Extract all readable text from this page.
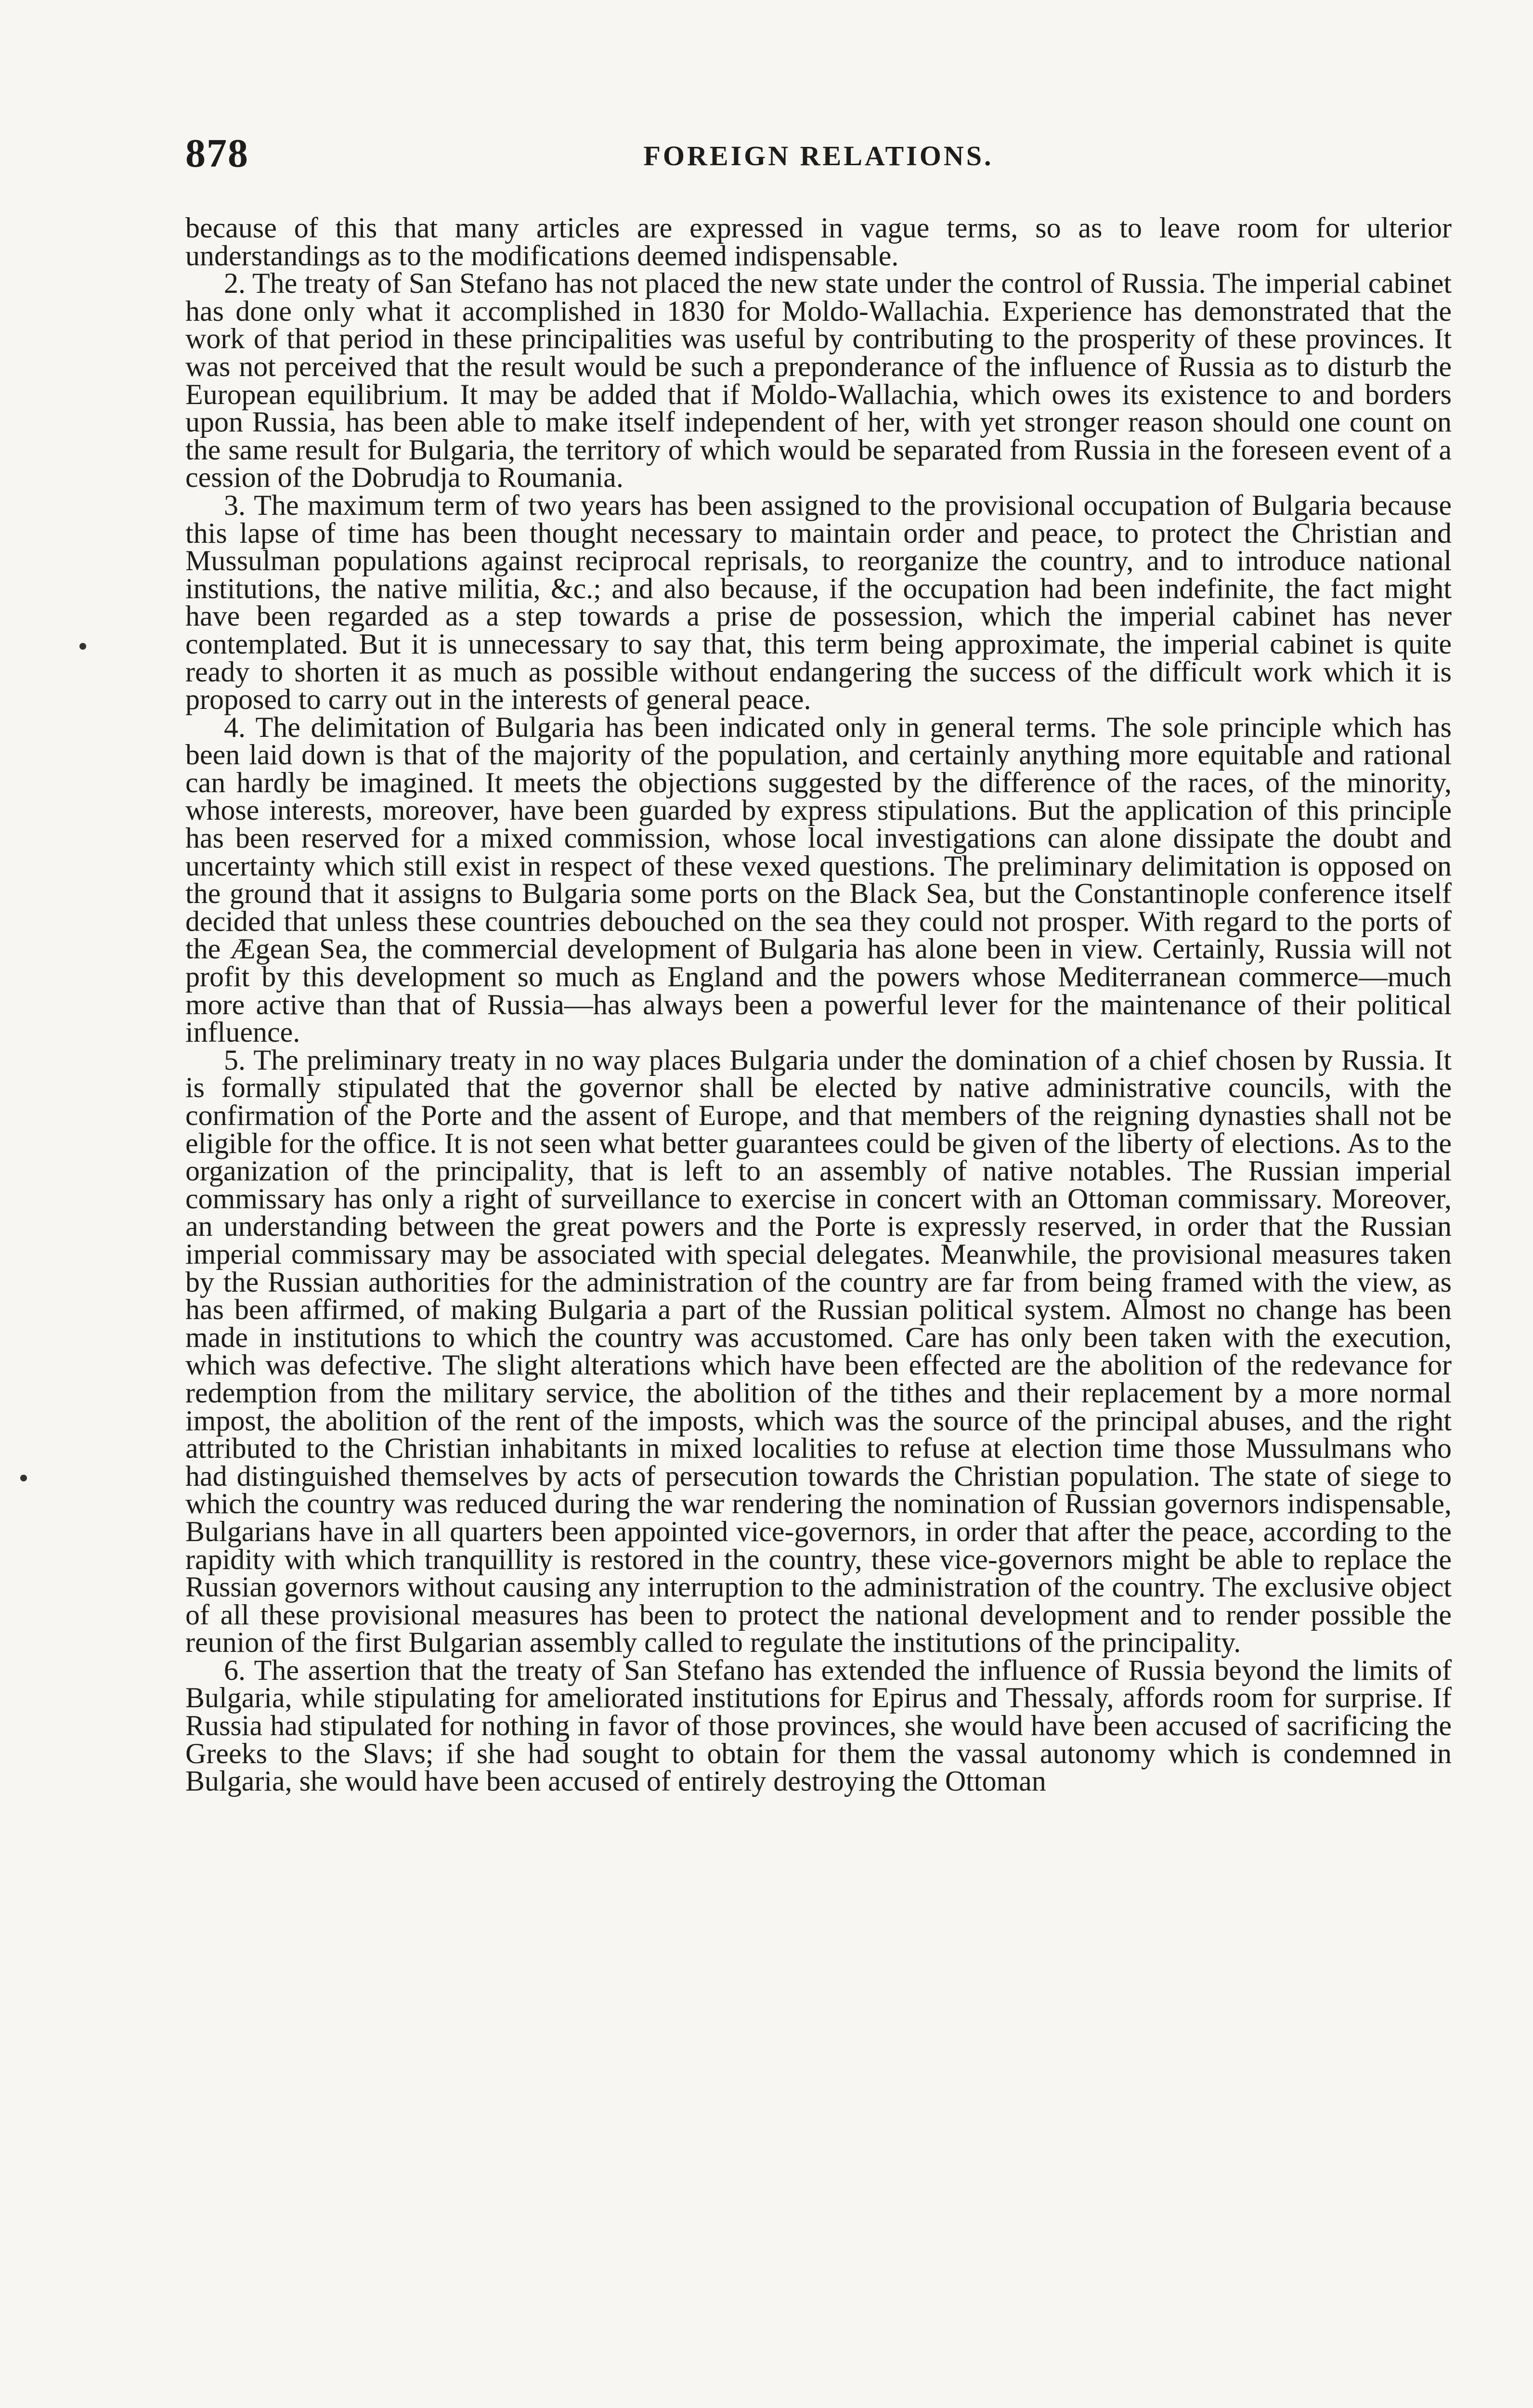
878	FOREIGN RELATIONS.

because of this that many articles are expressed in vague terms, so as to leave room for ulterior understandings as to the modifications deemed indispensable.

2. The treaty of San Stefano has not placed the new state under the control of Russia. The imperial cabinet has done only what it accomplished in 1830 for Moldo-Wallachia. Experience has demonstrated that the work of that period in these principalities was useful by contributing to the prosperity of these provinces. It was not perceived that the result would be such a preponderance of the influence of Russia as to disturb the European equilibrium. It may be added that if Moldo-Wallachia, which owes its existence to and borders upon Russia, has been able to make itself independent of her, with yet stronger reason should one count on the same result for Bulgaria, the territory of which would be separated from Russia in the foreseen event of a cession of the Dobrudja to Roumania.

3. The maximum term of two years has been assigned to the provisional occupation of Bulgaria because this lapse of time has been thought necessary to maintain order and peace, to protect the Christian and Mussulman populations against reciprocal reprisals, to reorganize the country, and to introduce national institutions, the native militia, &c.; and also because, if the occupation had been indefinite, the fact might have been regarded as a step towards a prise de possession, which the imperial cabinet has never contemplated. But it is unnecessary to say that, this term being approximate, the imperial cabinet is quite ready to shorten it as much as possible without endangering the success of the difficult work which it is proposed to carry out in the interests of general peace.

4. The delimitation of Bulgaria has been indicated only in general terms. The sole principle which has been laid down is that of the majority of the population, and certainly anything more equitable and rational can hardly be imagined. It meets the objections suggested by the difference of the races, of the minority, whose interests, moreover, have been guarded by express stipulations. But the application of this principle has been reserved for a mixed commission, whose local investigations can alone dissipate the doubt and uncertainty which still exist in respect of these vexed questions. The preliminary delimitation is opposed on the ground that it assigns to Bulgaria some ports on the Black Sea, but the Constantinople conference itself decided that unless these countries debouched on the sea they could not prosper. With regard to the ports of the Ægean Sea, the commercial development of Bulgaria has alone been in view. Certainly, Russia will not profit by this development so much as England and the powers whose Mediterranean commerce—much more active than that of Russia—has always been a powerful lever for the maintenance of their political influence.

5. The preliminary treaty in no way places Bulgaria under the domination of a chief chosen by Russia. It is formally stipulated that the governor shall be elected by native administrative councils, with the confirmation of the Porte and the assent of Europe, and that members of the reigning dynasties shall not be eligible for the office. It is not seen what better guarantees could be given of the liberty of elections. As to the organization of the principality, that is left to an assembly of native notables. The Russian imperial commissary has only a right of surveillance to exercise in concert with an Ottoman commissary. Moreover, an understanding between the great powers and the Porte is expressly reserved, in order that the Russian imperial commissary may be associated with special delegates. Meanwhile, the provisional measures taken by the Russian authorities for the administration of the country are far from being framed with the view, as has been affirmed, of making Bulgaria a part of the Russian political system. Almost no change has been made in institutions to which the country was accustomed. Care has only been taken with the execution, which was defective. The slight alterations which have been effected are the abolition of the redevance for redemption from the military service, the abolition of the tithes and their replacement by a more normal impost, the abolition of the rent of the imposts, which was the source of the principal abuses, and the right attributed to the Christian inhabitants in mixed localities to refuse at election time those Mussulmans who had distinguished themselves by acts of persecution towards the Christian population. The state of siege to which the country was reduced during the war rendering the nomination of Russian governors indispensable, Bulgarians have in all quarters been appointed vice-governors, in order that after the peace, according to the rapidity with which tranquillity is restored in the country, these vice-governors might be able to replace the Russian governors without causing any interruption to the administration of the country. The exclusive object of all these provisional measures has been to protect the national development and to render possible the reunion of the first Bulgarian assembly called to regulate the institutions of the principality.

6. The assertion that the treaty of San Stefano has extended the influence of Russia beyond the limits of Bulgaria, while stipulating for ameliorated institutions for Epirus and Thessaly, affords room for surprise. If Russia had stipulated for nothing in favor of those provinces, she would have been accused of sacrificing the Greeks to the Slavs; if she had sought to obtain for them the vassal autonomy which is condemned in Bulgaria, she would have been accused of entirely destroying the Ottoman
